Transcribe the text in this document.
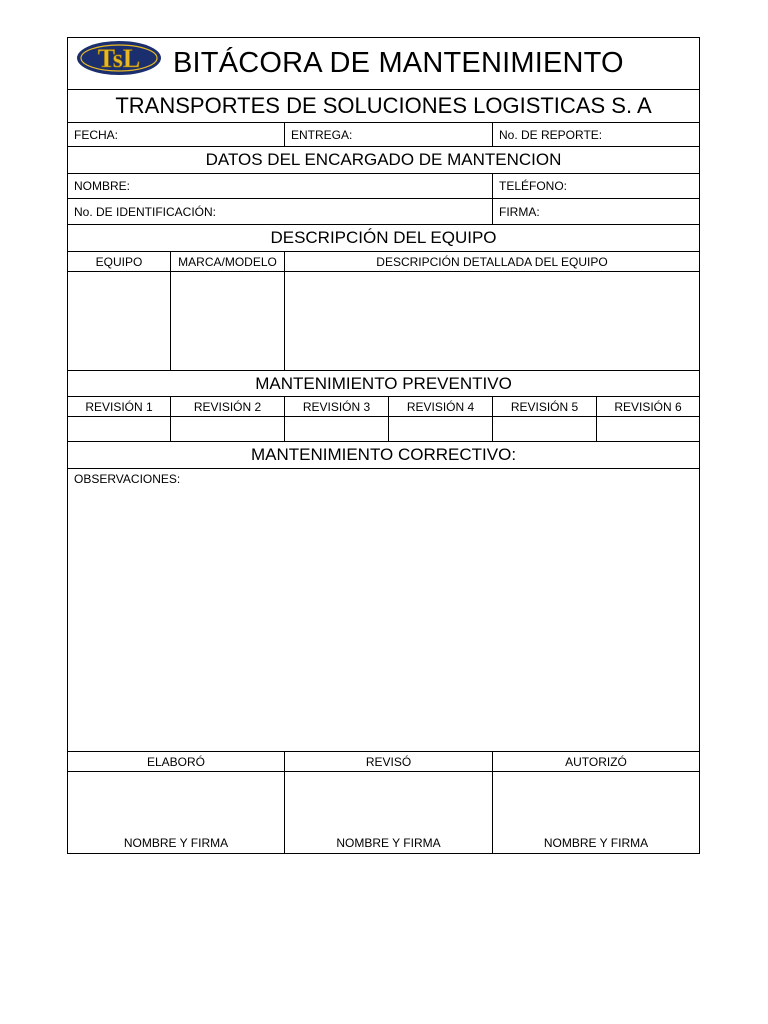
TsL BITÁCORA DE MANTENIMIENTO
TRANSPORTES DE SOLUCIONES LOGISTICAS S. A
FECHA:	ENTREGA:	No. DE REPORTE:
DATOS DEL ENCARGADO DE MANTENCION
NOMBRE:	TELÉFONO:
No. DE IDENTIFICACIÓN:	FIRMA:
DESCRIPCIÓN DEL EQUIPO
EQUIPO	MARCA/MODELO	DESCRIPCIÓN DETALLADA DEL EQUIPO
MANTENIMIENTO PREVENTIVO
REVISIÓN 1	REVISIÓN 2	REVISIÓN 3	REVISIÓN 4	REVISIÓN 5	REVISIÓN 6
MANTENIMIENTO CORRECTIVO:
OBSERVACIONES:
ELABORÓ	REVISÓ	AUTORIZÓ
NOMBRE Y FIRMA	NOMBRE Y FIRMA	NOMBRE Y FIRMA
